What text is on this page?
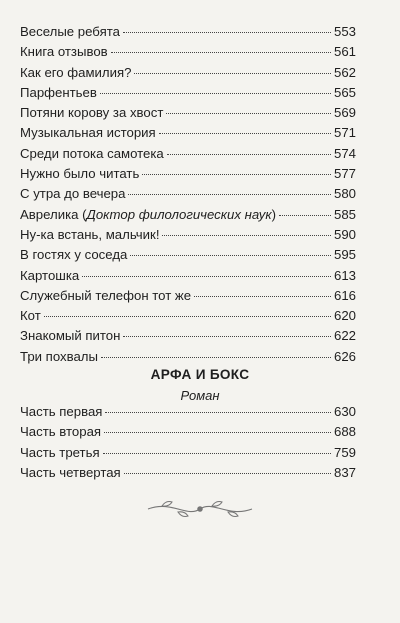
Веселые ребята	553
Книга отзывов	561
Как его фамилия?	562
Парфентьев	565
Потяни корову за хвост	569
Музыкальная история	571
Среди потока самотека	574
Нужно было читать	577
С утра до вечера	580
Аврелика (Доктор филологических наук)	585
Ну-ка встань, мальчик!	590
В гостях у соседа	595
Картошка	613
Служебный телефон тот же	616
Кот	620
Знакомый питон	622
Три похвалы	626
АРФА И БОКС
Роман
Часть первая	630
Часть вторая	688
Часть третья	759
Часть четвертая	837
